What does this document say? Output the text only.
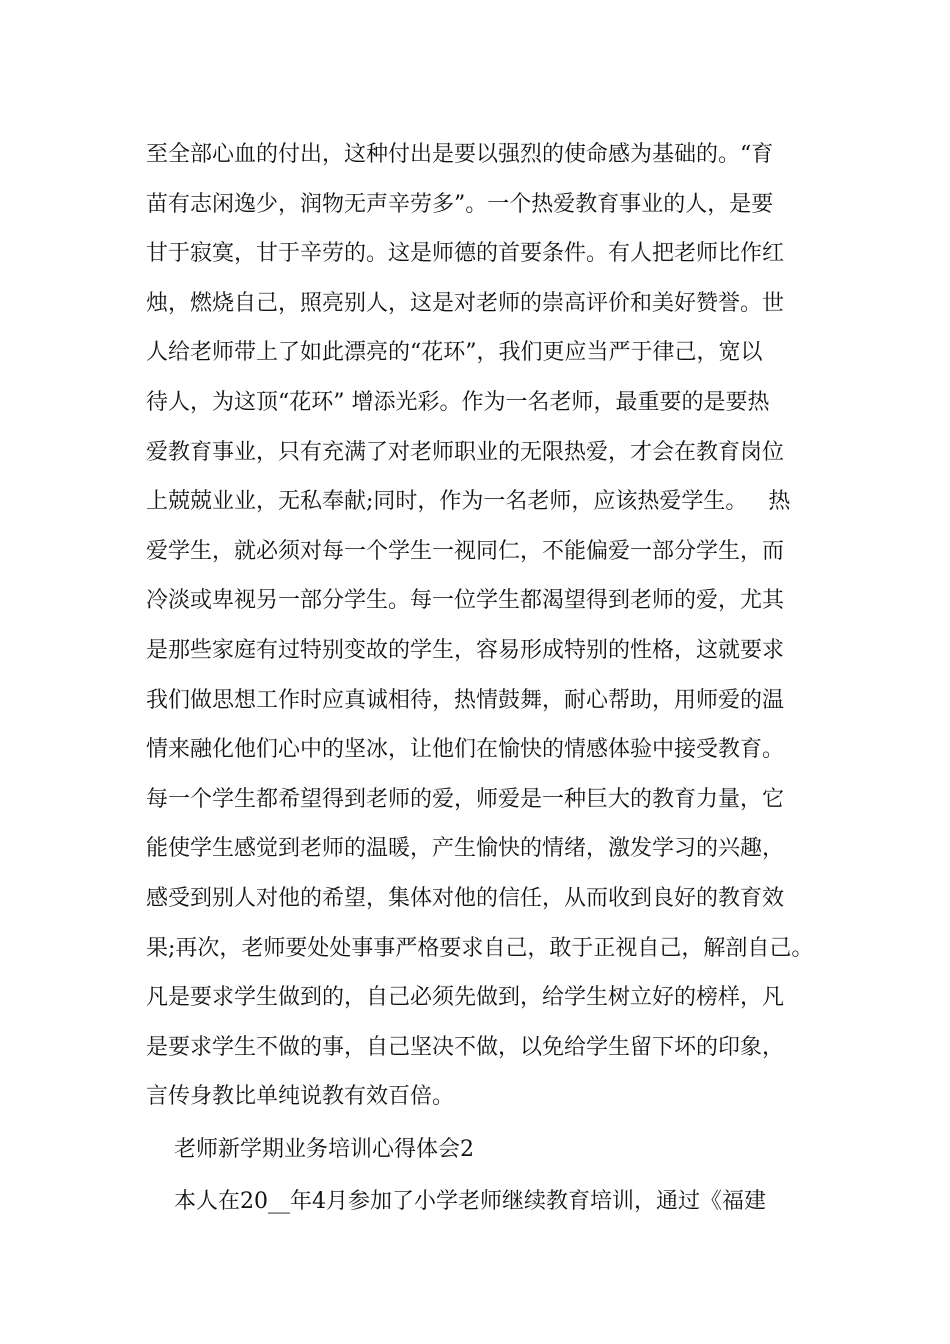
至全部心血的付出，这种付出是要以强烈的使命感为基础的。“育
苗有志闲逸少，润物无声辛劳多”。一个热爱教育事业的人，是要
甘于寂寞，甘于辛劳的。这是师德的首要条件。有人把老师比作红
烛，燃烧自己，照亮别人，这是对老师的崇高评价和美好赞誉。世
人给老师带上了如此漂亮的“花环”，我们更应当严于律己，宽以
待人，为这顶“花环” 增添光彩。作为一名老师，最重要的是要热
爱教育事业，只有充满了对老师职业的无限热爱，才会在教育岗位
上兢兢业业，无私奉献;同时，作为一名老师，应该热爱学生。   热
爱学生，就必须对每一个学生一视同仁，不能偏爱一部分学生，而
冷淡或卑视另一部分学生。每一位学生都渴望得到老师的爱，尤其
是那些家庭有过特别变故的学生，容易形成特别的性格，这就要求
我们做思想工作时应真诚相待，热情鼓舞，耐心帮助，用师爱的温
情来融化他们心中的坚冰，让他们在愉快的情感体验中接受教育。
每一个学生都希望得到老师的爱，师爱是一种巨大的教育力量，它
能使学生感觉到老师的温暖，产生愉快的情绪，激发学习的兴趣，
感受到别人对他的希望，集体对他的信任，从而收到良好的教育效
果;再次，老师要处处事事严格要求自己，敢于正视自己，解剖自己。
凡是要求学生做到的，自己必须先做到，给学生树立好的榜样，凡
是要求学生不做的事，自己坚决不做，以免给学生留下坏的印象，
言传身教比单纯说教有效百倍。
老师新学期业务培训心得体会2
本人在20__年4月参加了小学老师继续教育培训，通过《福建
